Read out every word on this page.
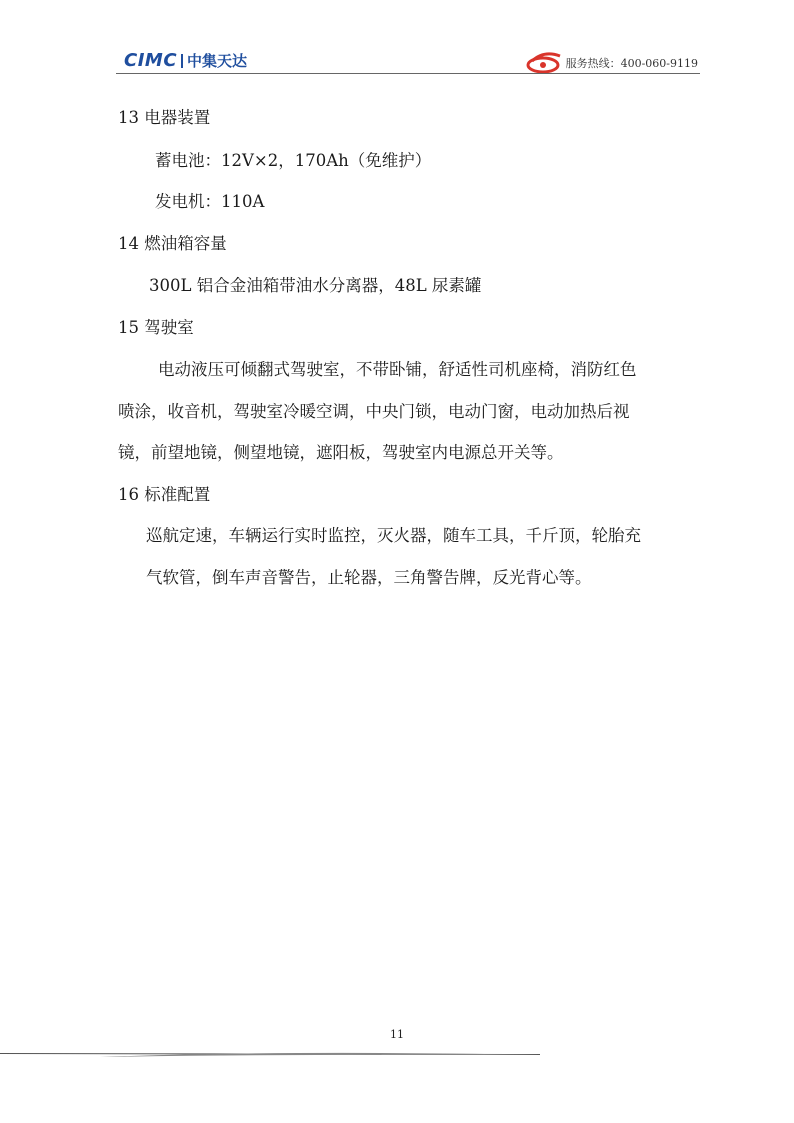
CIMC 中集天达	服务热线：400-060-9119
13 电器装置
蓄电池：12V×2，170Ah（免维护）
发电机：110A
14 燃油箱容量
300L 铝合金油箱带油水分离器，48L 尿素罐
15 驾驶室
电动液压可倾翻式驾驶室，不带卧铺，舒适性司机座椅，消防红色
喷涂，收音机，驾驶室冷暖空调，中央门锁，电动门窗，电动加热后视
镜，前望地镜，侧望地镜，遮阳板，驾驶室内电源总开关等。
16 标准配置
巡航定速，车辆运行实时监控，灭火器，随车工具，千斤顶，轮胎充
气软管，倒车声音警告，止轮器，三角警告牌，反光背心等。
11
